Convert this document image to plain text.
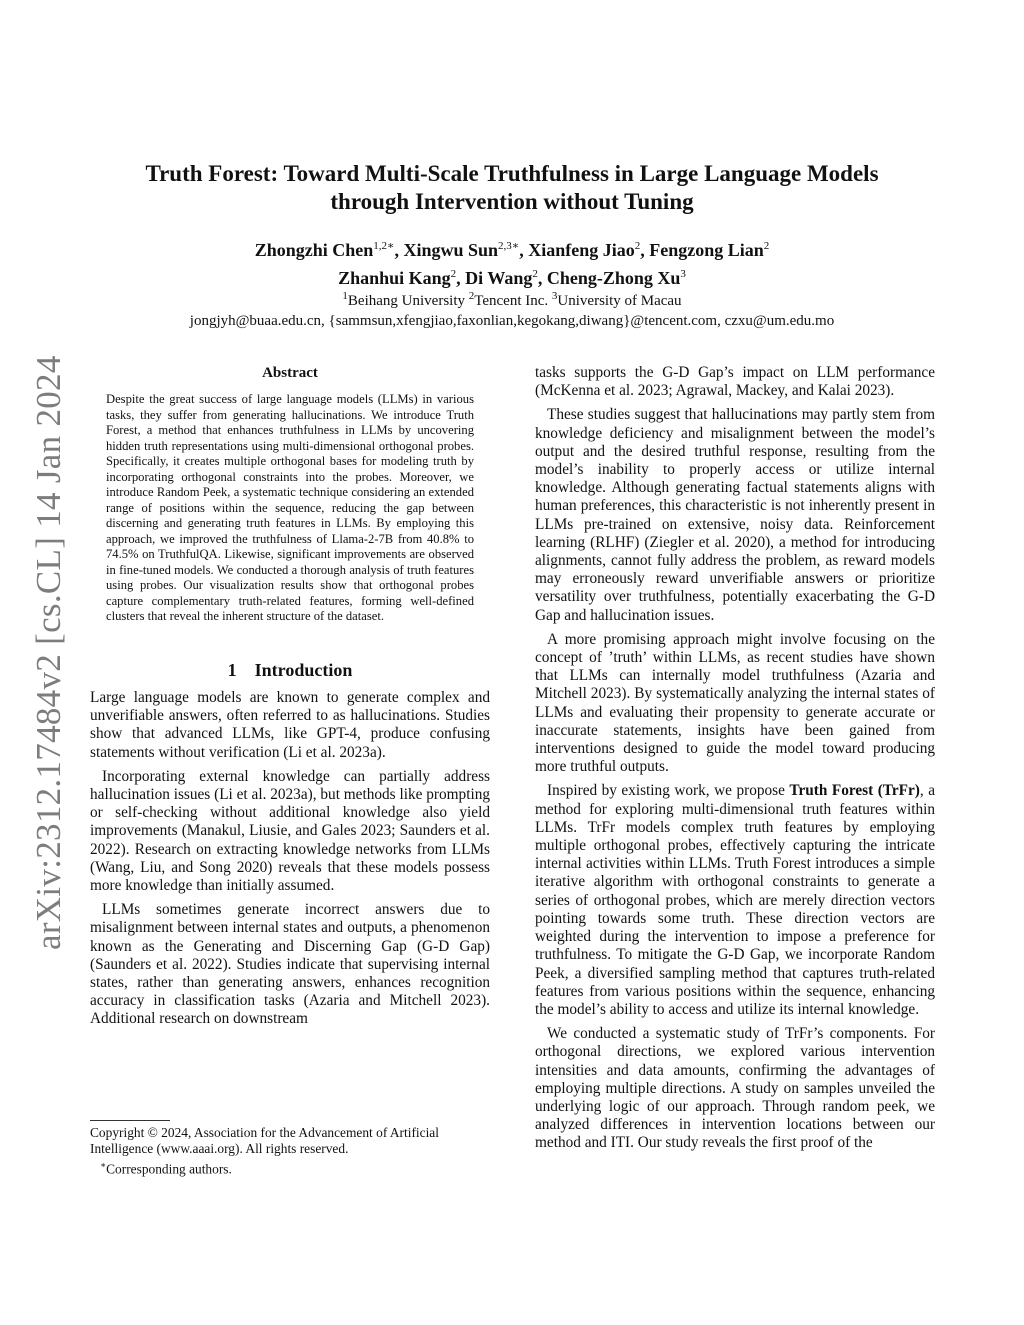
arXiv:2312.17484v2 [cs.CL] 14 Jan 2024
Truth Forest: Toward Multi-Scale Truthfulness in Large Language Models
through Intervention without Tuning
Zhongzhi Chen$^{1,2∗}$, Xingwu Sun$^{2,3∗}$, Xianfeng Jiao$^2$, Fengzong Lian$^2$
Zhanhui Kang$^2$, Di Wang$^2$, Cheng-Zhong Xu$^3$
$^1$Beihang University $^2$Tencent Inc. $^3$University of Macau
jongjyh@buaa.edu.cn, {sammsun,xfengjiao,faxonlian,kegokang,diwang}@tencent.com, czxu@um.edu.mo
Abstract

Despite the great success of large language models (LLMs) in various tasks, they suffer from generating hallucinations. We introduce Truth Forest, a method that enhances truthfulness in LLMs by uncovering hidden truth representations using multi-dimensional orthogonal probes. Specifically, it creates multiple orthogonal bases for modeling truth by incorporating orthogonal constraints into the probes. Moreover, we introduce Random Peek, a systematic technique considering an extended range of positions within the sequence, reducing the gap between discerning and generating truth features in LLMs. By employing this approach, we improved the truthfulness of Llama-2-7B from 40.8% to 74.5% on TruthfulQA. Likewise, significant improvements are observed in fine-tuned models. We conducted a thorough analysis of truth features using probes. Our visualization results show that orthogonal probes capture complementary truth-related features, forming well-defined clusters that reveal the inherent structure of the dataset.

1    Introduction

Large language models are known to generate complex and unverifiable answers, often referred to as hallucinations. Studies show that advanced LLMs, like GPT-4, produce confusing statements without verification (Li et al. 2023a).

Incorporating external knowledge can partially address hallucination issues (Li et al. 2023a), but methods like prompting or self-checking without additional knowledge also yield improvements (Manakul, Liusie, and Gales 2023; Saunders et al. 2022). Research on extracting knowledge networks from LLMs (Wang, Liu, and Song 2020) reveals that these models possess more knowledge than initially assumed.

LLMs sometimes generate incorrect answers due to misalignment between internal states and outputs, a phenomenon known as the Generating and Discerning Gap (G-D Gap) (Saunders et al. 2022). Studies indicate that supervising internal states, rather than generating answers, enhances recognition accuracy in classification tasks (Azaria and Mitchell 2023). Additional research on downstream

Copyright © 2024, Association for the Advancement of Artificial Intelligence (www.aaai.org). All rights reserved.
∗Corresponding authors.

tasks supports the G-D Gap’s impact on LLM performance (McKenna et al. 2023; Agrawal, Mackey, and Kalai 2023).

These studies suggest that hallucinations may partly stem from knowledge deficiency and misalignment between the model’s output and the desired truthful response, resulting from the model’s inability to properly access or utilize internal knowledge. Although generating factual statements aligns with human preferences, this characteristic is not inherently present in LLMs pre-trained on extensive, noisy data. Reinforcement learning (RLHF) (Ziegler et al. 2020), a method for introducing alignments, cannot fully address the problem, as reward models may erroneously reward unverifiable answers or prioritize versatility over truthfulness, potentially exacerbating the G-D Gap and hallucination issues.

A more promising approach might involve focusing on the concept of ’truth’ within LLMs, as recent studies have shown that LLMs can internally model truthfulness (Azaria and Mitchell 2023). By systematically analyzing the internal states of LLMs and evaluating their propensity to generate accurate or inaccurate statements, insights have been gained from interventions designed to guide the model toward producing more truthful outputs.

Inspired by existing work, we propose Truth Forest (TrFr), a method for exploring multi-dimensional truth features within LLMs. TrFr models complex truth features by employing multiple orthogonal probes, effectively capturing the intricate internal activities within LLMs. Truth Forest introduces a simple iterative algorithm with orthogonal constraints to generate a series of orthogonal probes, which are merely direction vectors pointing towards some truth. These direction vectors are weighted during the intervention to impose a preference for truthfulness. To mitigate the G-D Gap, we incorporate Random Peek, a diversified sampling method that captures truth-related features from various positions within the sequence, enhancing the model’s ability to access and utilize its internal knowledge.

We conducted a systematic study of TrFr’s components. For orthogonal directions, we explored various intervention intensities and data amounts, confirming the advantages of employing multiple directions. A study on samples unveiled the underlying logic of our approach. Through random peek, we analyzed differences in intervention locations between our method and ITI. Our study reveals the first proof of the
